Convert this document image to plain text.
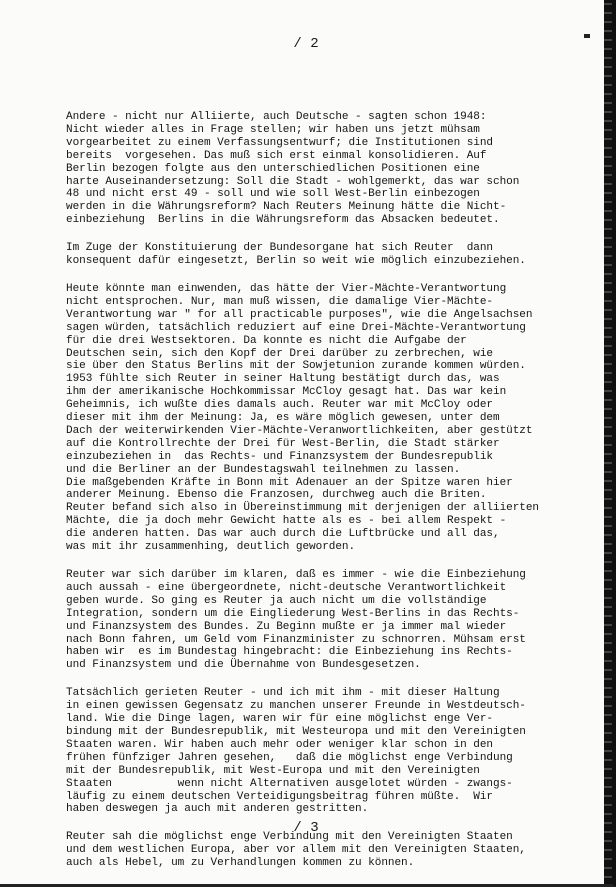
/ 2
Andere - nicht nur Alliierte, auch Deutsche - sagten schon 1948:
Nicht wieder alles in Frage stellen; wir haben uns jetzt mühsam
vorgearbeitet zu einem Verfassungsentwurf; die Institutionen sind
bereits  vorgesehen. Das muß sich erst einmal konsolidieren. Auf
Berlin bezogen folgte aus den unterschiedlichen Positionen eine
harte Auseinandersetzung: Soll die Stadt - wohlgemerkt, das war schon
48 und nicht erst 49 - soll und wie soll West-Berlin einbezogen
werden in die Währungsreform? Nach Reuters Meinung hätte die Nicht-
einbeziehung  Berlins in die Währungsreform das Absacken bedeutet.
Im Zuge der Konstituierung der Bundesorgane hat sich Reuter  dann
konsequent dafür eingesetzt, Berlin so weit wie möglich einzubeziehen.
Heute könnte man einwenden, das hätte der Vier-Mächte-Verantwortung
nicht entsprochen. Nur, man muß wissen, die damalige Vier-Mächte-
Verantwortung war " for all practicable purposes", wie die Angelsachsen
sagen würden, tatsächlich reduziert auf eine Drei-Mächte-Verantwortung
für die drei Westsektoren. Da konnte es nicht die Aufgabe der
Deutschen sein, sich den Kopf der Drei darüber zu zerbrechen, wie
sie über den Status Berlins mit der Sowjetunion zurande kommen würden.
1953 fühlte sich Reuter in seiner Haltung bestätigt durch das, was
ihm der amerikanische Hochkommissar McCloy gesagt hat. Das war kein
Geheimnis, ich wußte dies damals auch. Reuter war mit McCloy oder
dieser mit ihm der Meinung: Ja, es wäre möglich gewesen, unter dem
Dach der weiterwirkenden Vier-Mächte-Veranwortlichkeiten, aber gestützt
auf die Kontrollrechte der Drei für West-Berlin, die Stadt stärker
einzubeziehen in  das Rechts- und Finanzsystem der Bundesrepublik
und die Berliner an der Bundestagswahl teilnehmen zu lassen.
Die maßgebenden Kräfte in Bonn mit Adenauer an der Spitze waren hier
anderer Meinung. Ebenso die Franzosen, durchweg auch die Briten.
Reuter befand sich also in Übereinstimmung mit derjenigen der alliierten
Mächte, die ja doch mehr Gewicht hatte als es - bei allem Respekt -
die anderen hatten. Das war auch durch die Luftbrücke und all das,
was mit ihr zusammenhing, deutlich geworden.
Reuter war sich darüber im klaren, daß es immer - wie die Einbeziehung
auch aussah - eine übergeordnete, nicht-deutsche Verantwortlichkeit
geben wurde. So ging es Reuter ja auch nicht um die vollständige
Integration, sondern um die Eingliederung West-Berlins in das Rechts-
und Finanzsystem des Bundes. Zu Beginn mußte er ja immer mal wieder
nach Bonn fahren, um Geld vom Finanzminister zu schnorren. Mühsam erst
haben wir  es im Bundestag hingebracht: die Einbeziehung ins Rechts-
und Finanzsystem und die Übernahme von Bundesgesetzen.
Tatsächlich gerieten Reuter - und ich mit ihm - mit dieser Haltung
in einen gewissen Gegensatz zu manchen unserer Freunde in Westdeutsch-
land. Wie die Dinge lagen, waren wir für eine möglichst enge Ver-
bindung mit der Bundesrepublik, mit Westeuropa und mit den Vereinigten
Staaten waren. Wir haben auch mehr oder weniger klar schon in den
frühen fünfziger Jahren gesehen,   daß die möglichst enge Verbindung
mit der Bundesrepublik, mit West-Europa und mit den Vereinigten
Staaten          wenn nicht Alternativen ausgelotet würden - zwangs-
läufig zu einem deutschen Verteidigungsbeitrag führen müßte.  Wir
haben deswegen ja auch mit anderen gestritten.
Reuter sah die möglichst enge Verbindung mit den Vereinigten Staaten
und dem westlichen Europa, aber vor allem mit den Vereinigten Staaten,
auch als Hebel, um zu Verhandlungen kommen zu können.
/ 3
